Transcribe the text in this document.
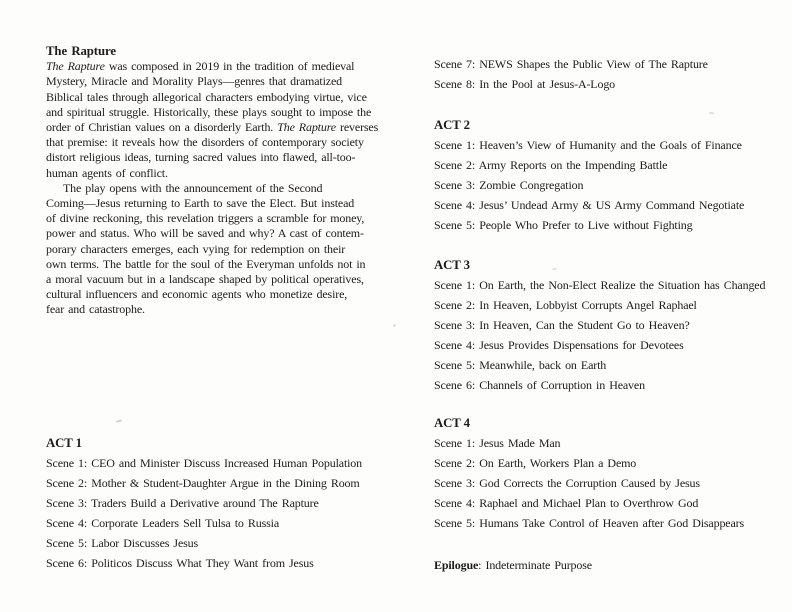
The Rapture
The Rapture was composed in 2019 in the tradition of medieval
Mystery, Miracle and Morality Plays—genres that dramatized
Biblical tales through allegorical characters embodying virtue, vice
and spiritual struggle. Historically, these plays sought to impose the
order of Christian values on a disorderly Earth. The Rapture reverses
that premise: it reveals how the disorders of contemporary society
distort religious ideas, turning sacred values into flawed, all-too-
human agents of conflict.
The play opens with the announcement of the Second
Coming—Jesus returning to Earth to save the Elect. But instead
of divine reckoning, this revelation triggers a scramble for money,
power and status. Who will be saved and why? A cast of contem-
porary characters emerges, each vying for redemption on their
own terms. The battle for the soul of the Everyman unfolds not in
a moral vacuum but in a landscape shaped by political operatives,
cultural influencers and economic agents who monetize desire,
fear and catastrophe.
ACT 1
Scene 1: CEO and Minister Discuss Increased Human Population
Scene 2: Mother & Student-Daughter Argue in the Dining Room
Scene 3: Traders Build a Derivative around The Rapture
Scene 4: Corporate Leaders Sell Tulsa to Russia
Scene 5: Labor Discusses Jesus
Scene 6: Politicos Discuss What They Want from Jesus
Scene 7: NEWS Shapes the Public View of The Rapture
Scene 8: In the Pool at Jesus-A-Logo
ACT 2
Scene 1: Heaven’s View of Humanity and the Goals of Finance
Scene 2: Army Reports on the Impending Battle
Scene 3: Zombie Congregation
Scene 4: Jesus’ Undead Army & US Army Command Negotiate
Scene 5: People Who Prefer to Live without Fighting
ACT 3
Scene 1: On Earth, the Non-Elect Realize the Situation has Changed
Scene 2: In Heaven, Lobbyist Corrupts Angel Raphael
Scene 3: In Heaven, Can the Student Go to Heaven?
Scene 4: Jesus Provides Dispensations for Devotees
Scene 5: Meanwhile, back on Earth
Scene 6: Channels of Corruption in Heaven
ACT 4
Scene 1: Jesus Made Man
Scene 2: On Earth, Workers Plan a Demo
Scene 3: God Corrects the Corruption Caused by Jesus
Scene 4: Raphael and Michael Plan to Overthrow God
Scene 5: Humans Take Control of Heaven after God Disappears
Epilogue: Indeterminate Purpose
